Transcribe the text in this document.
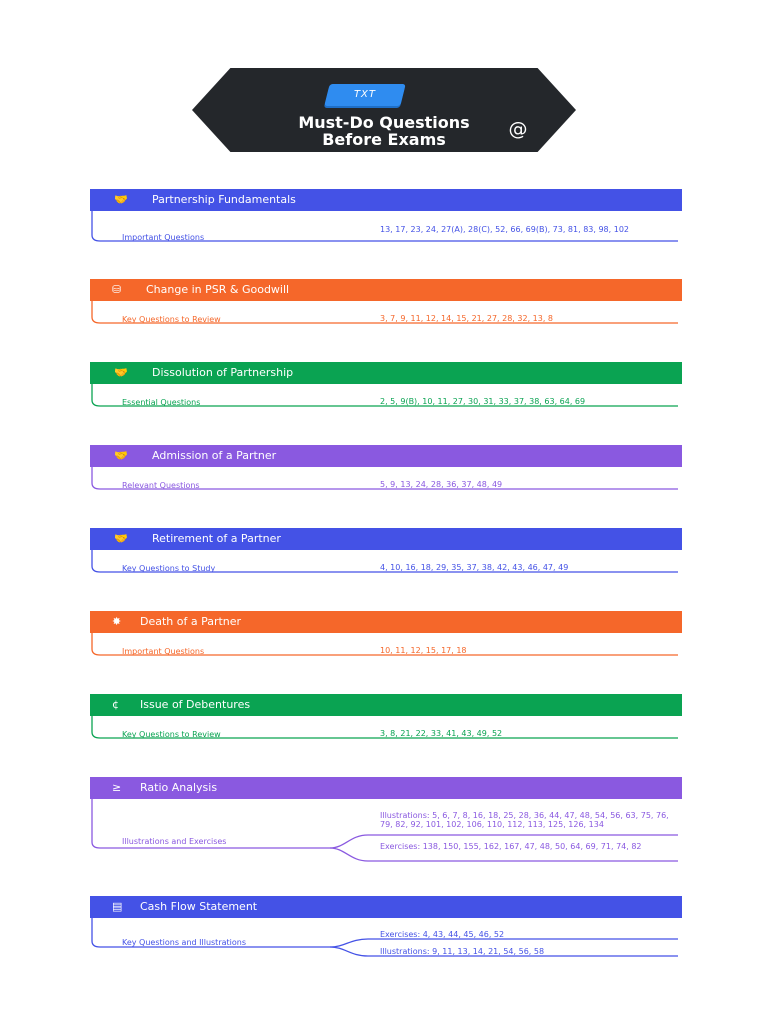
TXT

Must-Do Questions
Before Exams	@
🤝 Partnership Fundamentals
Important Questions
13, 17, 23, 24, 27(A), 28(C), 52, 66, 69(B), 73, 81, 83, 98, 102
⛁ Change in PSR & Goodwill
Key Questions to Review	3, 7, 9, 11, 12, 14, 15, 21, 27, 28, 32, 13, 8
🤝 Dissolution of Partnership
Essential Questions	2, 5, 9(B), 10, 11, 27, 30, 31, 33, 37, 38, 63, 64, 69
🤝 Admission of a Partner
Relevant Questions	5, 9, 13, 24, 28, 36, 37, 48, 49
🤝 Retirement of a Partner
Key Questions to Study	4, 10, 16, 18, 29, 35, 37, 38, 42, 43, 46, 47, 49
✸ Death of a Partner
Important Questions	10, 11, 12, 15, 17, 18
¢ Issue of Debentures
Key Questions to Review	3, 8, 21, 22, 33, 41, 43, 49, 52
≥ Ratio Analysis
Illustrations and Exercises
Illustrations: 5, 6, 7, 8, 16, 18, 25, 28, 36, 44, 47, 48, 54, 56, 63, 75, 76, 79, 82, 92, 101, 102, 106, 110, 112, 113, 125, 126, 134
Exercises: 138, 150, 155, 162, 167, 47, 48, 50, 64, 69, 71, 74, 82
▤ Cash Flow Statement
Key Questions and Illustrations
Exercises: 4, 43, 44, 45, 46, 52
Illustrations: 9, 11, 13, 14, 21, 54, 56, 58
